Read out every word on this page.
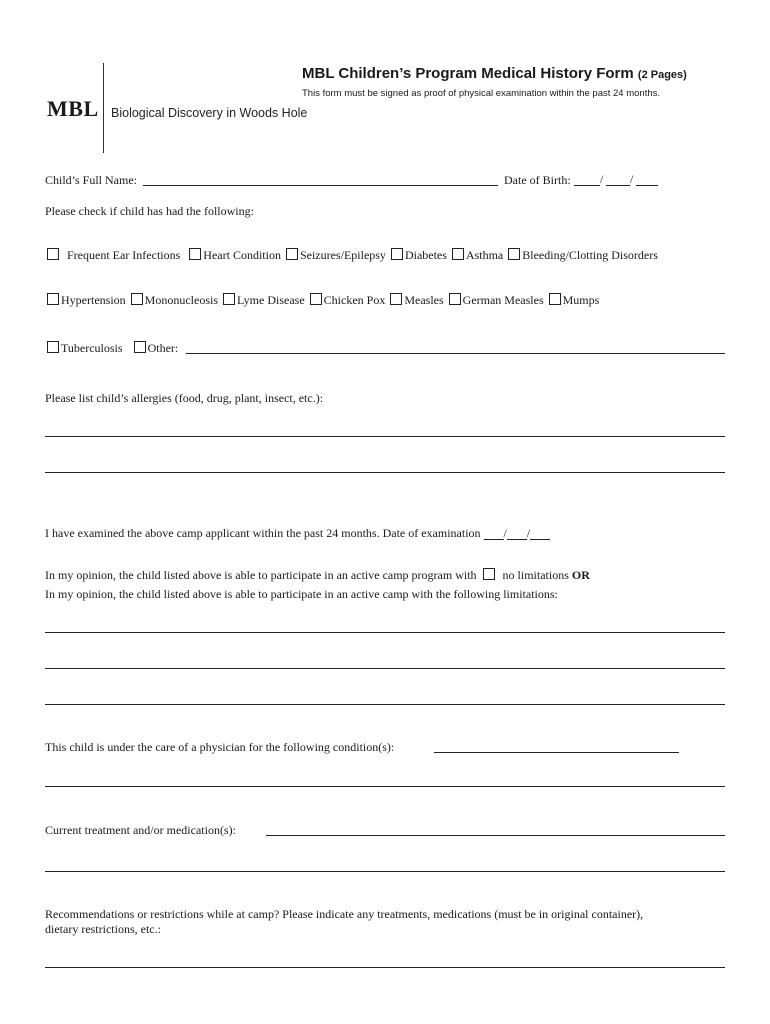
MBL Biological Discovery in Woods Hole
MBL Children’s Program Medical History Form (2 Pages)
This form must be signed as proof of physical examination within the past 24 months.
Child’s Full Name:	Date of Birth: / /
Please check if child has had the following:
Frequent Ear Infections Heart Condition Seizures/Epilepsy Diabetes Asthma Bleeding/Clotting Disorders
Hypertension Mononucleosis Lyme Disease Chicken Pox Measles German Measles Mumps
Tuberculosis Other:
Please list child’s allergies (food, drug, plant, insect, etc.):
I have examined the above camp applicant within the past 24 months. Date of examination / /
In my opinion, the child listed above is able to participate in an active camp program with no limitations OR
In my opinion, the child listed above is able to participate in an active camp with the following limitations:
This child is under the care of a physician for the following condition(s):
Current treatment and/or medication(s):
Recommendations or restrictions while at camp? Please indicate any treatments, medications (must be in original container),
dietary restrictions, etc.:
